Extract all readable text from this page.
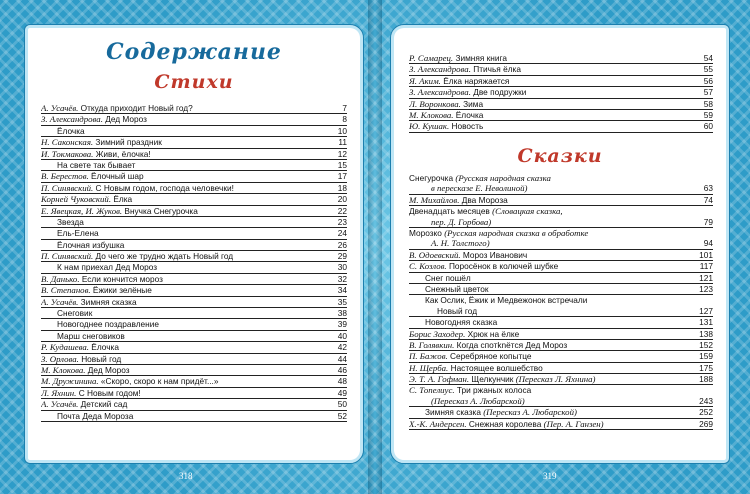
Содержание
Стихи
А. Усачёв. Откуда приходит Новый год?	7
З. Александрова. Дед Мороз	8
Ёлочка	10
Н. Саконская. Зимний праздник	11
И. Токмакова. Живи, ёлочка!	12
На свете так бывает	15
В. Берестов. Ёлочный шар	17
П. Синявский. С Новым годом, господа человечки!	18
Корней Чуковский. Ёлка	20
Е. Явецкая, И. Жуков. Внучка Снегурочка	22
Звезда	23
Ель-Елена	24
Ёлочная избушка	26
П. Синявский. До чего же трудно ждать Новый год	29
К нам приехал Дед Мороз	30
В. Данько. Если кончится мороз	32
В. Степанов. Ёжики зелёные	34
А. Усачёв. Зимняя сказка	35
Снеговик	38
Новогоднее поздравление	39
Марш снеговиков	40
Р. Кудашева. Ёлочка	42
З. Орлова. Новый год	44
М. Клокова. Дед Мороз	46
М. Дружинина. «Скоро, скоро к нам придёт...»	48
Л. Яхнин. С Новым годом!	49
А. Усачёв. Детский сад	50
Почта Деда Мороза	52
318
Р. Самарец. Зимняя книга	54
З. Александрова. Птичья ёлка	55
Я. Аким. Ёлка наряжается	56
З. Александрова. Две подружки	57
Л. Воронкова. Зима	58
М. Клокова. Ёлочка	59
Ю. Кушак. Новость	60
Сказки
Снегурочка (Русская народная сказка
в пересказе Е. Неволиной)	63
М. Михайлов. Два Мороза	74
Двенадцать месяцев (Словацкая сказка,
пер. Д. Горбова)	79
Морозко (Русская народная сказка в обработке
А. Н. Толстого)	94
В. Одоевский. Мороз Иванович	101
С. Козлов. Поросёнок в колючей шубке	117
Снег пошёл	121
Снежный цветок	123
Как Ослик, Ёжик и Медвежонок встречали
Новый год	127
Новогодняя сказка	131
Борис Заходер. Хрюк на ёлке	138
В. Голявкин. Когда спотknётся Дед Мороз	152
П. Бажов. Серебряное копытце	159
Н. Щерба. Настоящее волшебство	175
Э. Т. А. Гофман. Щелкунчик (Пересказ Л. Яхнина)	188
С. Топелиус. Три ржаных колоса
(Пересказ А. Любарской)	243
Зимняя сказка (Пересказ А. Любарской)	252
Х.-К. Андерсен. Снежная королева (Пер. А. Ганзен)	269
319
